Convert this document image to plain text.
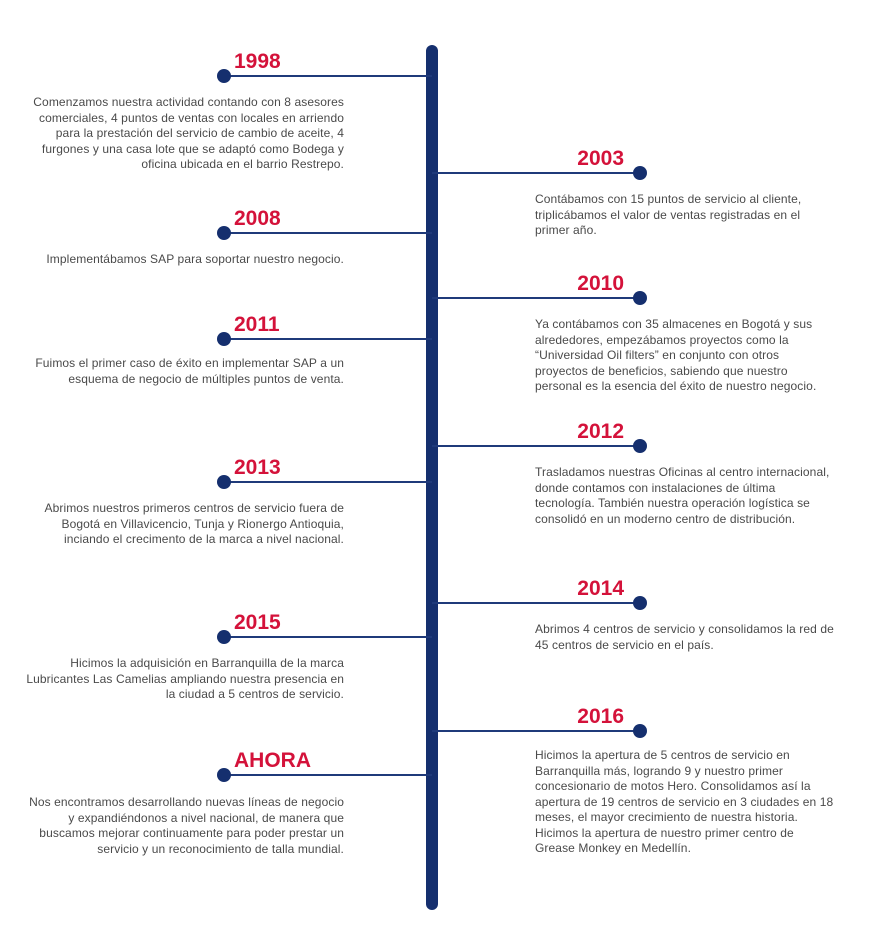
1998
Comenzamos nuestra actividad contando con 8 asesores comerciales, 4 puntos de ventas con locales en arriendo para la prestación del servicio de cambio de aceite, 4 furgones y una casa lote que se adaptó como Bodega y oficina ubicada en el barrio Restrepo.	2003
Contábamos con 15 puntos de servicio al cliente, triplicábamos el valor de ventas registradas en el primer año.
2008
Implementábamos SAP para soportar nuestro negocio.
2010
Ya contábamos con 35 almacenes en Bogotá y sus alrededores, empezábamos proyectos como la “Universidad Oil filters” en conjunto con otros proyectos de beneficios, sabiendo que nuestro personal es la esencia del éxito de nuestro negocio.
2011
Fuimos el primer caso de éxito en implementar SAP a un esquema de negocio de múltiples puntos de venta.
2012
Trasladamos nuestras Oficinas al centro internacional, donde contamos con instalaciones de última tecnología. También nuestra operación logística se consolidó en un moderno centro de distribución.
2013
Abrimos nuestros primeros centros de servicio fuera de Bogotá en Villavicencio, Tunja y Rionergo Antioquia, inciando el crecimento de la marca a nivel nacional.
2014
Abrimos 4 centros de servicio y consolidamos la red de 45 centros de servicio en el país.
2015
Hicimos la adquisición en Barranquilla de la marca Lubricantes Las Camelias ampliando nuestra presencia en la ciudad a 5 centros de servicio.
2016
Hicimos la apertura de 5 centros de servicio en Barranquilla más, logrando 9 y nuestro primer concesionario de motos Hero. Consolidamos así la apertura de 19 centros de servicio en 3 ciudades en 18 meses, el mayor crecimiento de nuestra historia. Hicimos la apertura de nuestro primer centro de Grease Monkey en Medellín.
AHORA
Nos encontramos desarrollando nuevas líneas de negocio y expandiéndonos a nivel nacional, de manera que buscamos mejorar continuamente para poder prestar un servicio y un reconocimiento de talla mundial.
